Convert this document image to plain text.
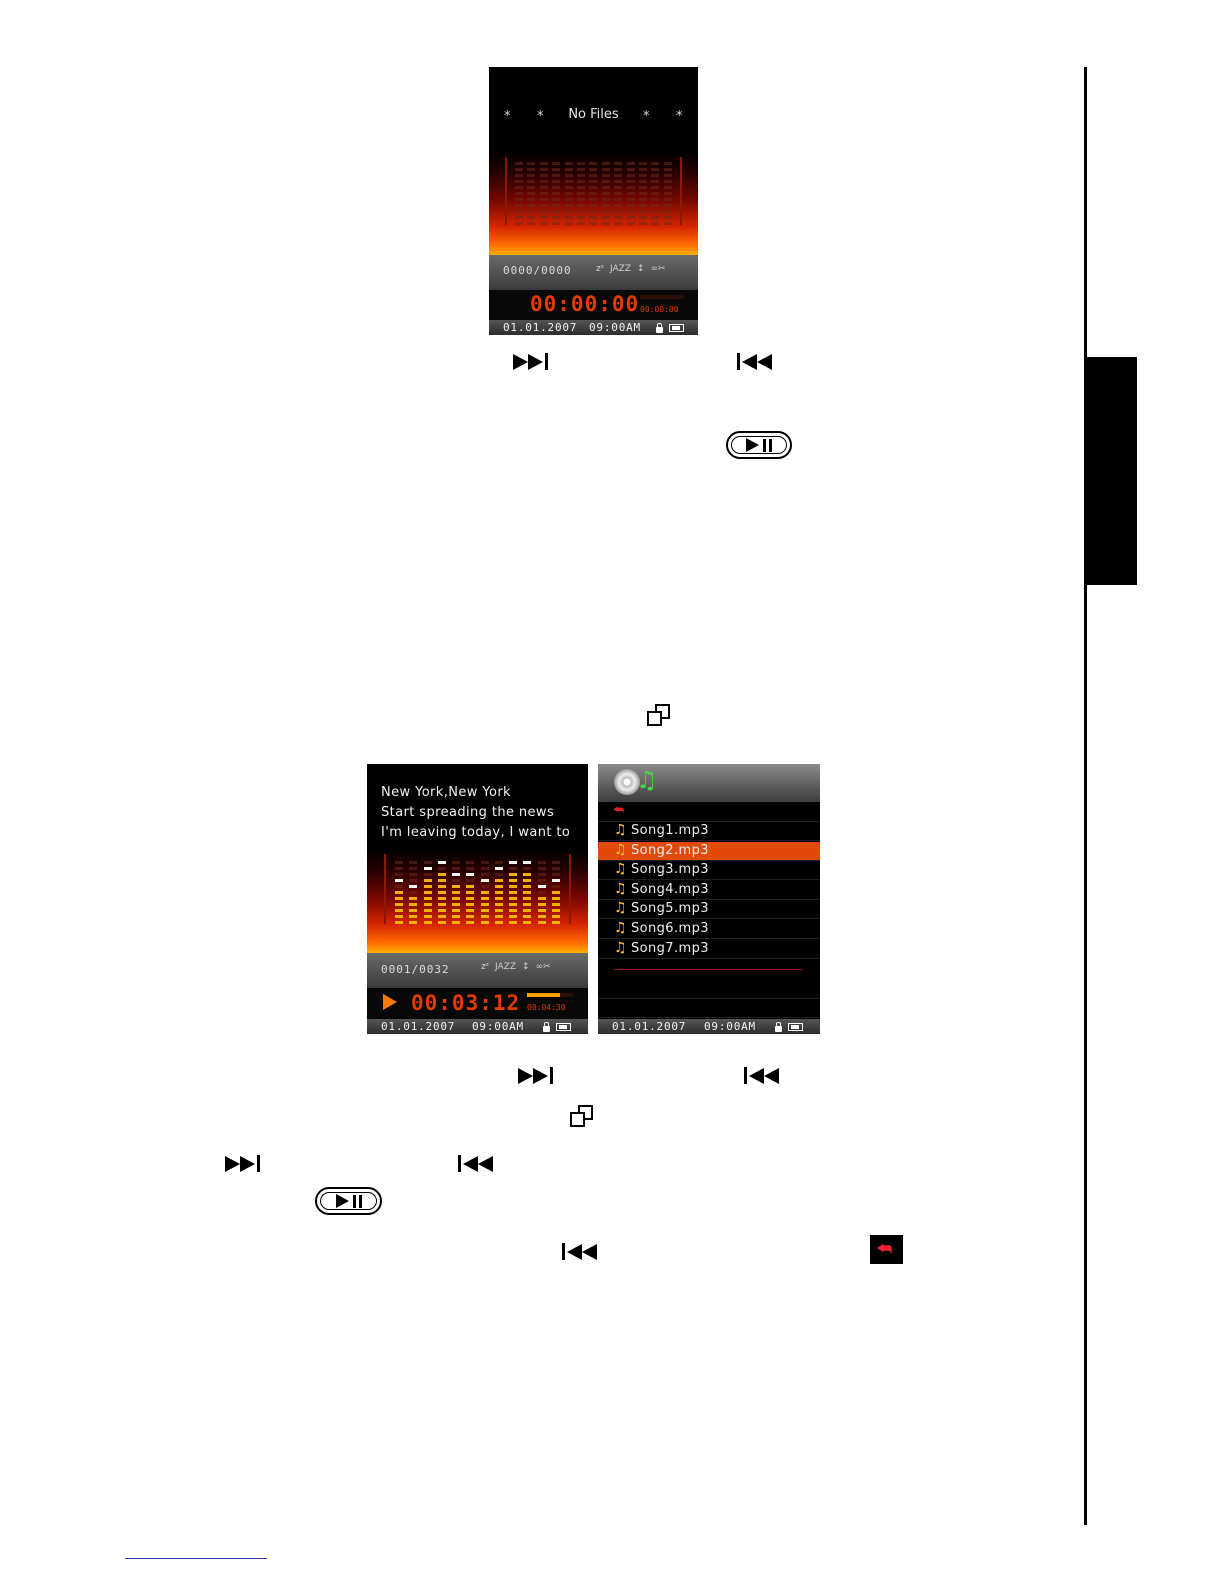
* *	No Files	* *
0000/0000	zᶻ JAZZ ↕ ∞✂
00:00:00 00:00:00
01.01.2007 09:00AM
New York,New York
Start spreading the news
I'm leaving today, I want to
0001/0032	zᶻ JAZZ ↕ ∞✂
00:03:12 00:04:30
01.01.2007 09:00AM
♫
⮪
♫ Song1.mp3
♫ Song2.mp3
♫ Song3.mp3
♫ Song4.mp3
♫ Song5.mp3
♫ Song6.mp3
♫ Song7.mp3
01.01.2007 09:00AM
⮪
